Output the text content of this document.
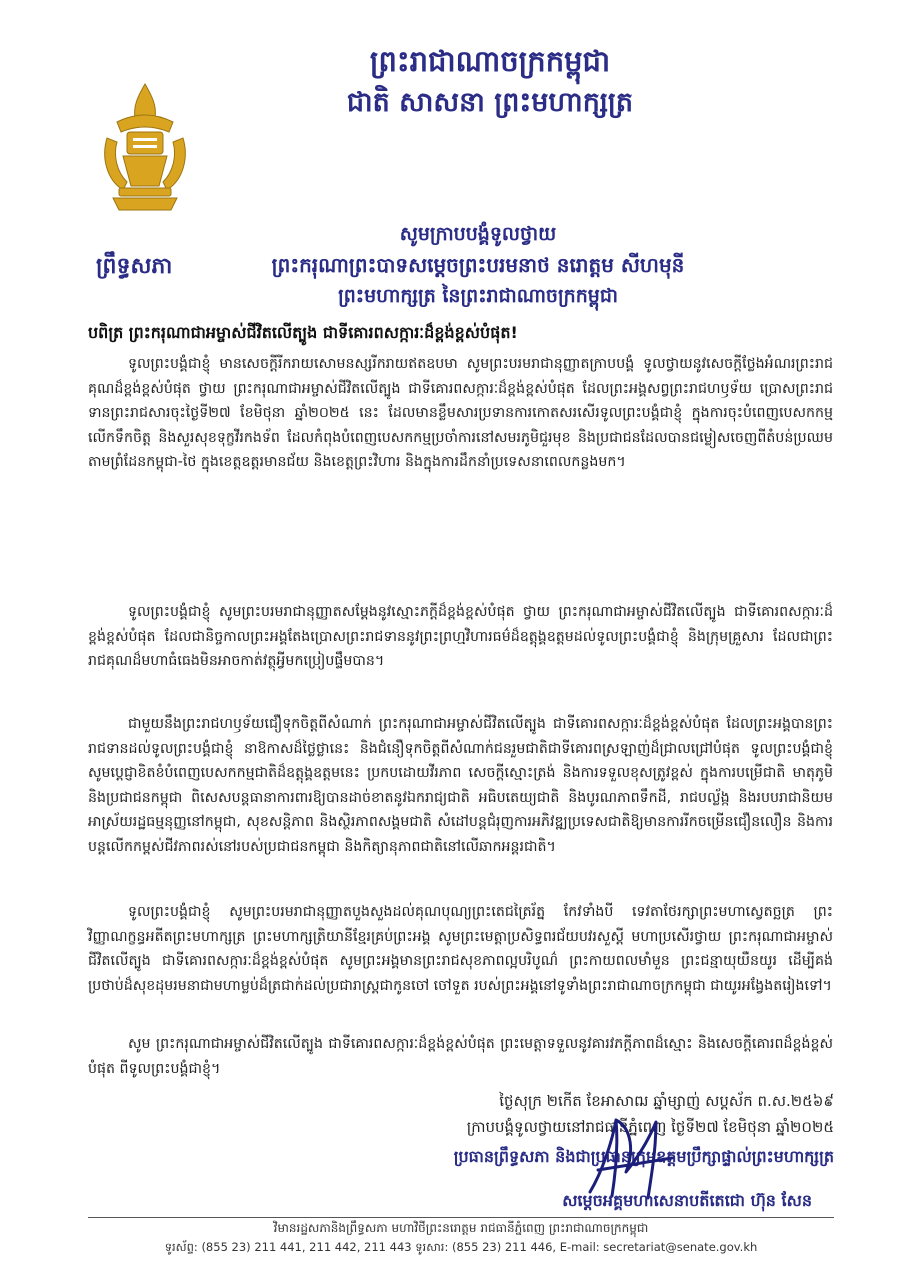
ព្រះរាជាណាចក្រកម្ពុជា
ជាតិ សាសនា ព្រះមហាក្សត្រ
ព្រឹទ្ធសភា
សូមក្រាបបង្គំទូលថ្វាយ
ព្រះករុណាព្រះបាទសម្តេចព្រះបរមនាថ នរោត្តម សីហមុនី
ព្រះមហាក្សត្រ នៃព្រះរាជាណាចក្រកម្ពុជា
បពិត្រ ព្រះករុណាជាអម្ចាស់ជីវិតលើត្បូង ជាទីគោរពសក្ការៈដ៏ខ្ពង់ខ្ពស់បំផុត!
ទូលព្រះបង្គំជាខ្ញុំ មានសេចក្តីរីករាយសោមនស្សរីករាយឥតឧបមា សូមព្រះបរមរាជានុញ្ញាតក្រាបបង្គំ ទូលថ្វាយនូវសេចក្តីថ្លែងអំណរព្រះរាជគុណដ៏ខ្ពង់ខ្ពស់បំផុត ថ្វាយ ព្រះករុណាជាអម្ចាស់ជីវិតលើត្បូង ជាទីគោរពសក្ការៈដ៏ខ្ពង់ខ្ពស់បំផុត ដែលព្រះអង្គសព្វព្រះរាជហឫទ័យ ប្រោសព្រះរាជទានព្រះរាជសារចុះថ្ងៃទី២៧ ខែមិថុនា ឆ្នាំ២០២៥ នេះ ដែលមានខ្លឹមសារប្រទានការកោតសរសើរទូលព្រះបង្គំជាខ្ញុំ ក្នុងការចុះបំពេញបេសកកម្មលើកទឹកចិត្ត និងសួរសុខទុក្ខវីរកងទ័ព ដែលកំពុងបំពេញបេសកកម្មប្រចាំការនៅសមរភូមិជួរមុខ និងប្រជាជនដែលបានជម្លៀសចេញពីតំបន់ប្រឈមតាមព្រំដែនកម្ពុជា-ថៃ ក្នុងខេត្តឧត្តរមានជ័យ និងខេត្តព្រះវិហារ និងក្នុងការដឹកនាំប្រទេសនាពេលកន្លងមក។
ទូលព្រះបង្គំជាខ្ញុំ សូមព្រះបរមរាជានុញ្ញាតសម្តែងនូវស្មោះភក្តីដ៏ខ្ពង់ខ្ពស់បំផុត ថ្វាយ ព្រះករុណាជាអម្ចាស់ជីវិតលើត្បូង ជាទីគោរពសក្ការៈដ៏ខ្ពង់ខ្ពស់បំផុត ដែលជានិច្ចកាលព្រះអង្គតែងប្រោសព្រះរាជទាននូវព្រះព្រហ្មវិហារធម៌ដ៏ឧត្តុង្គឧត្តមដល់ទូលព្រះបង្គំជាខ្ញុំ និងក្រុមគ្រួសារ ដែលជាព្រះរាជគុណដ៏មហាធំធេងមិនអាចកាត់វត្ថុអ្វីមកប្រៀបផ្ទឹមបាន។
ជាមួយនឹងព្រះរាជហឫទ័យជឿទុកចិត្តពីសំណាក់ ព្រះករុណាជាអម្ចាស់ជីវិតលើត្បូង ជាទីគោរពសក្ការៈដ៏ខ្ពង់ខ្ពស់បំផុត ដែលព្រះអង្គបានព្រះរាជទានដល់ទូលព្រះបង្គំជាខ្ញុំ នាឱកាសដ៏ថ្លៃថ្លានេះ និងជំនឿទុកចិត្តពីសំណាក់ជនរួមជាតិជាទីគោរពស្រឡាញ់ដ៏ជ្រាលជ្រៅបំផុត ទូលព្រះបង្គំជាខ្ញុំ សូមប្តេជ្ញាខិតខំបំពេញបេសកកម្មជាតិដ៏ឧត្តុង្គឧត្តមនេះ ប្រកបដោយវីរភាព សេចក្តីស្មោះត្រង់ និងការទទួលខុសត្រូវខ្ពស់ ក្នុងការបម្រើជាតិ មាតុភូមិ និងប្រជាជនកម្ពុជា ពិសេសបន្តធានាការពារឱ្យបានដាច់ខាតនូវឯករាជ្យជាតិ អធិបតេយ្យជាតិ និងបូរណភាពទឹកដី, រាជបល្ល័ង្ក និងរបបរាជានិយមអាស្រ័យរដ្ឋធម្មនុញ្ញនៅកម្ពុជា, សុខសន្តិភាព និងស្ថិរភាពសង្គមជាតិ សំដៅបន្តជំរុញការអភិវឌ្ឍប្រទេសជាតិឱ្យមានការរីកចម្រើនជឿនលឿន និងការបន្តលើកកម្ពស់ជីវភាពរស់នៅរបស់ប្រជាជនកម្ពុជា និងកិត្យានុភាពជាតិនៅលើឆាកអន្តរជាតិ។
ទូលព្រះបង្គំជាខ្ញុំ សូមព្រះបរមរាជានុញ្ញាតបួងសួងដល់គុណបុណ្យព្រះតេជត្រៃរ័ត្ន កែវទាំងបី ទេវតាថែរក្សាព្រះមហាស្វេតច្ឆត្រ ព្រះវិញ្ញាណក្ខន្ធអតីតព្រះមហាក្សត្រ ព្រះមហាក្សត្រិយានីខ្មែរគ្រប់ព្រះអង្គ សូមព្រះមេត្តាប្រសិទ្ធពរជ័យបវរសួស្តី មហាប្រសើរថ្វាយ ព្រះករុណាជាអម្ចាស់ជីវិតលើត្បូង ជាទីគោរពសក្ការៈដ៏ខ្ពង់ខ្ពស់បំផុត សូមព្រះអង្គមានព្រះរាជសុខភាពល្អបរិបូណ៌ ព្រះកាយពលមាំមួន ព្រះជន្មាយុយឺនយូរ ដើម្បីគង់ប្រថាប់ដ៏សុខដុមរមនាជាមហាម្លប់ដ៏ត្រជាក់ដល់ប្រជារាស្រ្តជាកូនចៅ ចៅទួត របស់ព្រះអង្គនៅទូទាំងព្រះរាជាណាចក្រកម្ពុជា ជាយូរអង្វែងតរៀងទៅ។
សូម ព្រះករុណាជាអម្ចាស់ជីវិតលើត្បូង ជាទីគោរពសក្ការៈដ៏ខ្ពង់ខ្ពស់បំផុត ព្រះមេត្តាទទួលនូវគារវភក្តីភាពដ៏ស្មោះ និងសេចក្តីគោរពដ៏ខ្ពង់ខ្ពស់បំផុត ពីទូលព្រះបង្គំជាខ្ញុំ។
ថ្ងៃសុក្រ ២កើត ខែអាសាឍ ឆ្នាំម្សាញ់ សប្តស័ក ព.ស.២៥៦៩
ក្រាបបង្គំទូលថ្វាយនៅរាជធានីភ្នំពេញ ថ្ងៃទី២៧ ខែមិថុនា ឆ្នាំ២០២៥
ប្រធានព្រឹទ្ធសភា និងជាប្រធានក្រុមឧត្តមប្រឹក្សាផ្ទាល់ព្រះមហាក្សត្រ
សម្តេចអគ្គមហាសេនាបតីតេជោ ហ៊ុន សែន
វិមានរដ្ឋសភានិងព្រឹទ្ធសភា មហាវិថីព្រះនរោត្តម រាជធានីភ្នំពេញ ព្រះរាជាណាចក្រកម្ពុជា
ទូរស័ព្ទ: (855 23) 211 441, 211 442, 211 443 ទូរសារ: (855 23) 211 446, E-mail: secretariat@senate.gov.kh
